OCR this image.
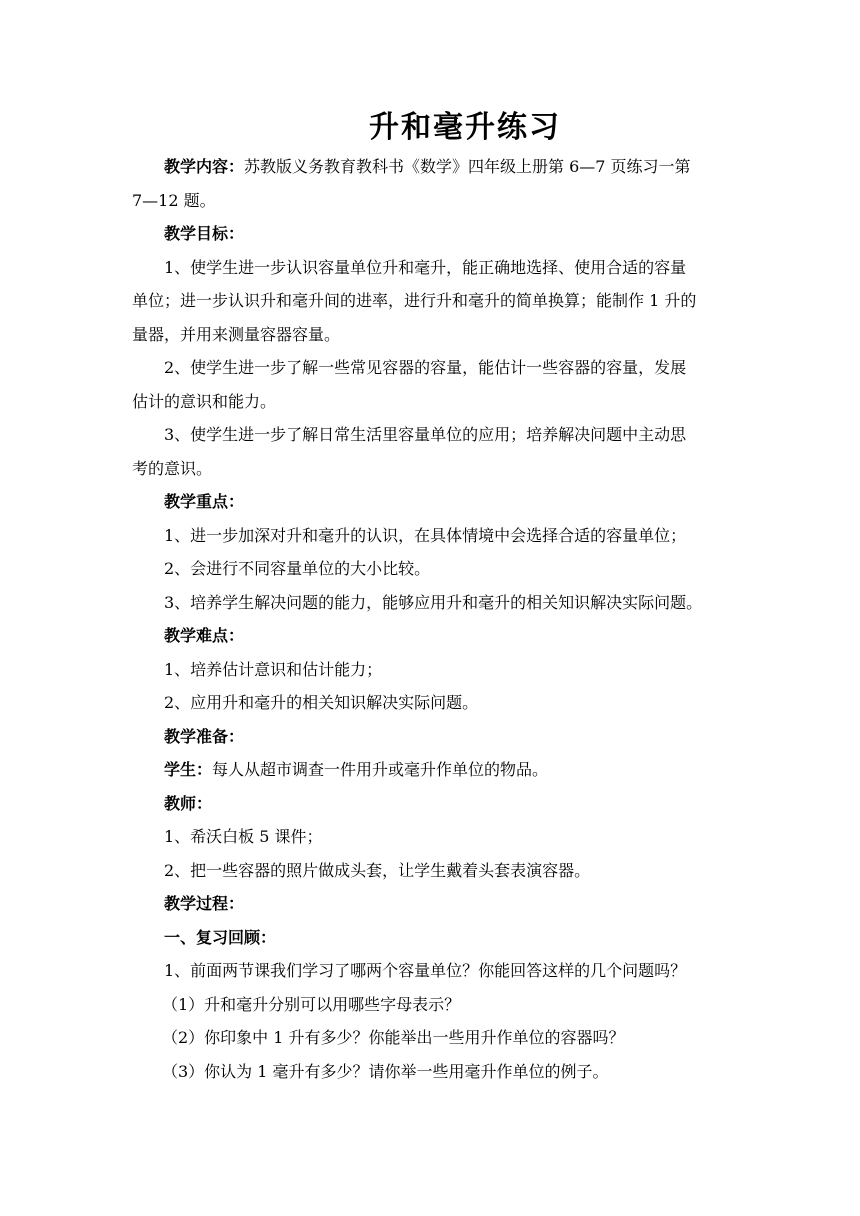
升和毫升练习
教学内容：苏教版义务教育教科书《数学》四年级上册第 6—7 页练习一第
7—12 题。
教学目标：
1、使学生进一步认识容量单位升和毫升，能正确地选择、使用合适的容量
单位；进一步认识升和毫升间的进率，进行升和毫升的简单换算；能制作 1 升的
量器，并用来测量容器容量。
2、使学生进一步了解一些常见容器的容量，能估计一些容器的容量，发展
估计的意识和能力。
3、使学生进一步了解日常生活里容量单位的应用；培养解决问题中主动思
考的意识。
教学重点：
1、进一步加深对升和毫升的认识，在具体情境中会选择合适的容量单位；
2、会进行不同容量单位的大小比较。
3、培养学生解决问题的能力，能够应用升和毫升的相关知识解决实际问题。
教学难点：
1、培养估计意识和估计能力；
2、应用升和毫升的相关知识解决实际问题。
教学准备：
学生：每人从超市调查一件用升或毫升作单位的物品。
教师：
1、希沃白板 5 课件；
2、把一些容器的照片做成头套，让学生戴着头套表演容器。
教学过程：
一、复习回顾：
1、前面两节课我们学习了哪两个容量单位？你能回答这样的几个问题吗？
（1）升和毫升分别可以用哪些字母表示？
（2）你印象中 1 升有多少？你能举出一些用升作单位的容器吗？
（3）你认为 1 毫升有多少？请你举一些用毫升作单位的例子。
